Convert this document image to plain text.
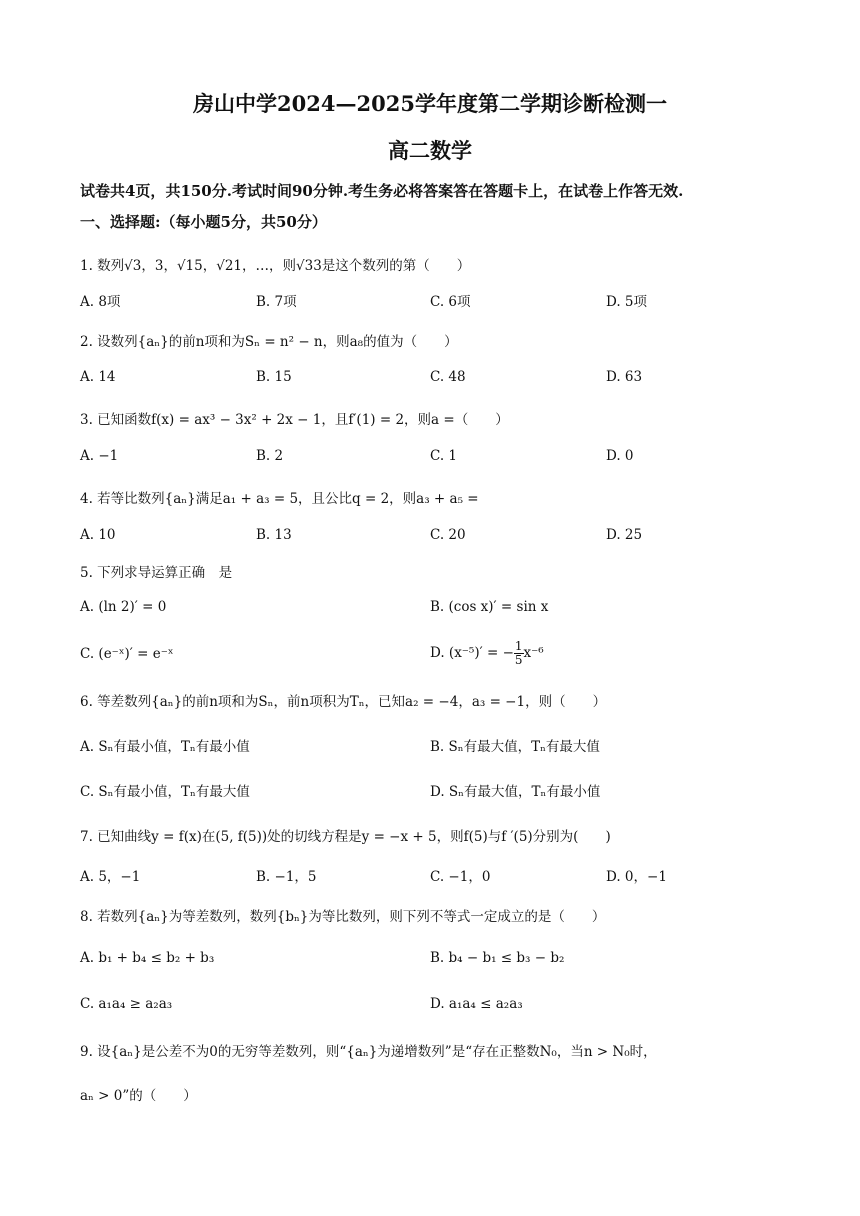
房山中学2024—2025学年度第二学期诊断检测一
高二数学
试卷共4页，共150分.考试时间90分钟.考生务必将答案答在答题卡上，在试卷上作答无效.
一、选择题:（每小题5分，共50分）
1. 数列√3，3，√15，√21，…，则√33是这个数列的第（　　）
A. 8项	B. 7项	C. 6项	D. 5项
2. 设数列{aₙ}的前n项和为Sₙ = n² − n，则a₈的值为（　　）
A. 14	B. 15	C. 48	D. 63
3. 已知函数f(x) = ax³ − 3x² + 2x − 1，且f′(1) = 2，则a =（　　）
A. −1	B. 2	C. 1	D. 0
4. 若等比数列{aₙ}满足a₁ + a₃ = 5，且公比q = 2，则a₃ + a₅ =
A. 10	B. 13	C. 20	D. 25
5. 下列求导运算正确　是
A. (ln 2)′ = 0	B. (cos x)′ = sin x
C. (e⁻ˣ)′ = e⁻ˣ	D. (x⁻⁵)′ = − $\frac{1}{5} x^{-6}$
6. 等差数列{aₙ}的前n项和为Sₙ，前n项积为Tₙ，已知a₂ = −4，a₃ = −1，则（　　）
A. Sₙ有最小值，Tₙ有最小值	B. Sₙ有最大值，Tₙ有最大值
C. Sₙ有最小值，Tₙ有最大值	D. Sₙ有最大值，Tₙ有最小值
7. 已知曲线y = f(x)在(5, f(5))处的切线方程是y = −x + 5，则f(5)与f ′(5)分别为(　　)
A. 5，−1	B. −1，5	C. −1，0	D. 0，−1
8. 若数列{aₙ}为等差数列，数列{bₙ}为等比数列，则下列不等式一定成立的是（　　）
A. b₁ + b₄ ≤ b₂ + b₃	B. b₄ − b₁ ≤ b₃ − b₂
C. a₁a₄ ≥ a₂a₃	D. a₁a₄ ≤ a₂a₃
9. 设{aₙ}是公差不为0的无穷等差数列，则“{aₙ}为递增数列”是“存在正整数N₀，当n > N₀时，
aₙ > 0”的（　　）
